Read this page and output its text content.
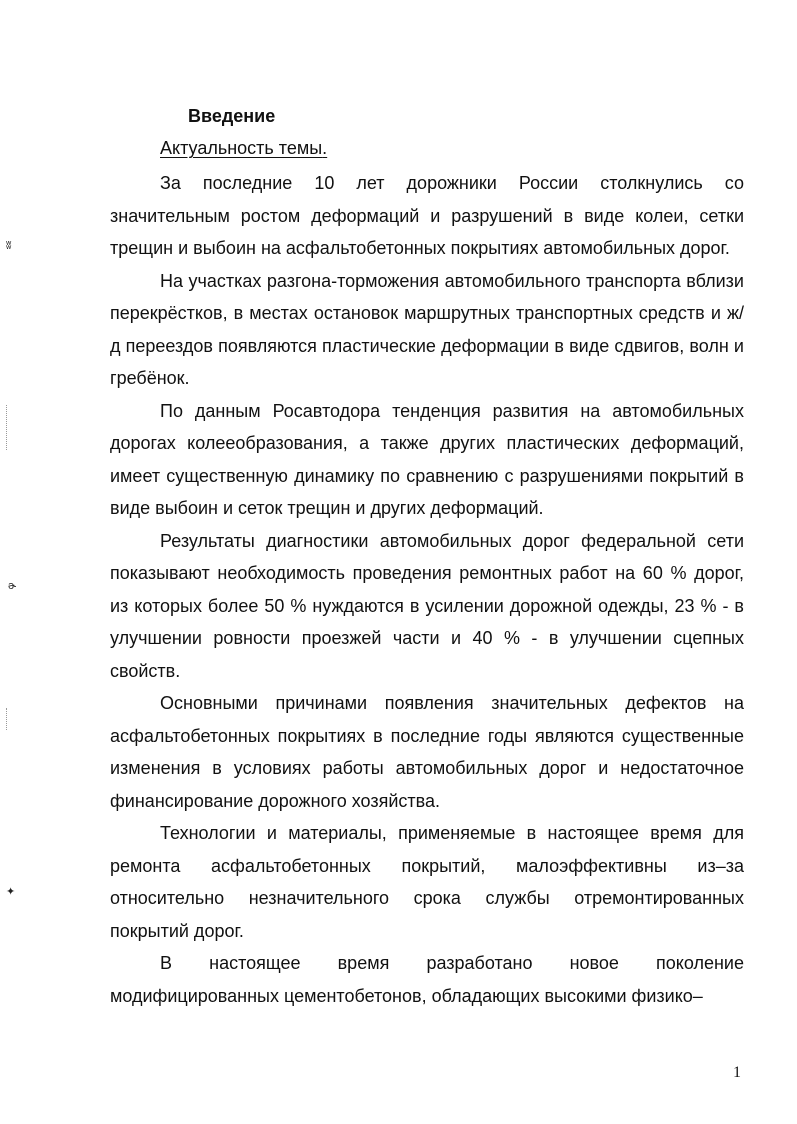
ʬ
ɚ
✦
Введение
Актуальность темы.

За последние 10 лет дорожники России столкнулись со значительным ростом деформаций и разрушений в виде колеи, сетки трещин и выбоин на асфальтобетонных покрытиях автомобильных дорог.

На участках разгона-торможения автомобильного транспорта вблизи перекрёстков, в местах остановок маршрутных транспортных средств и ж/д переездов появляются пластические деформации в виде сдвигов, волн и гребёнок.

По данным Росавтодора тенденция развития на автомобильных дорогах колееобразования, а также других пластических деформаций, имеет существенную динамику по сравнению с разрушениями покрытий в виде выбоин и сеток трещин и других деформаций.

Результаты диагностики автомобильных дорог федеральной сети показывают необходимость проведения ремонтных работ на 60 % дорог, из которых более 50 % нуждаются в усилении дорожной одежды, 23 % - в улучшении ровности проезжей части и 40 % - в улучшении сцепных свойств.

Основными причинами появления значительных дефектов на асфальтобетонных покрытиях в последние годы являются существенные изменения в условиях работы автомобильных дорог и недостаточное финансирование дорожного хозяйства.

Технологии и материалы, применяемые в настоящее время для ремонта асфальтобетонных покрытий, малоэффективны из–за относительно незначительного срока службы отремонтированных покрытий дорог.

В настоящее время разработано новое поколение модифицированных цементобетонов, обладающих высокими физико–

1
